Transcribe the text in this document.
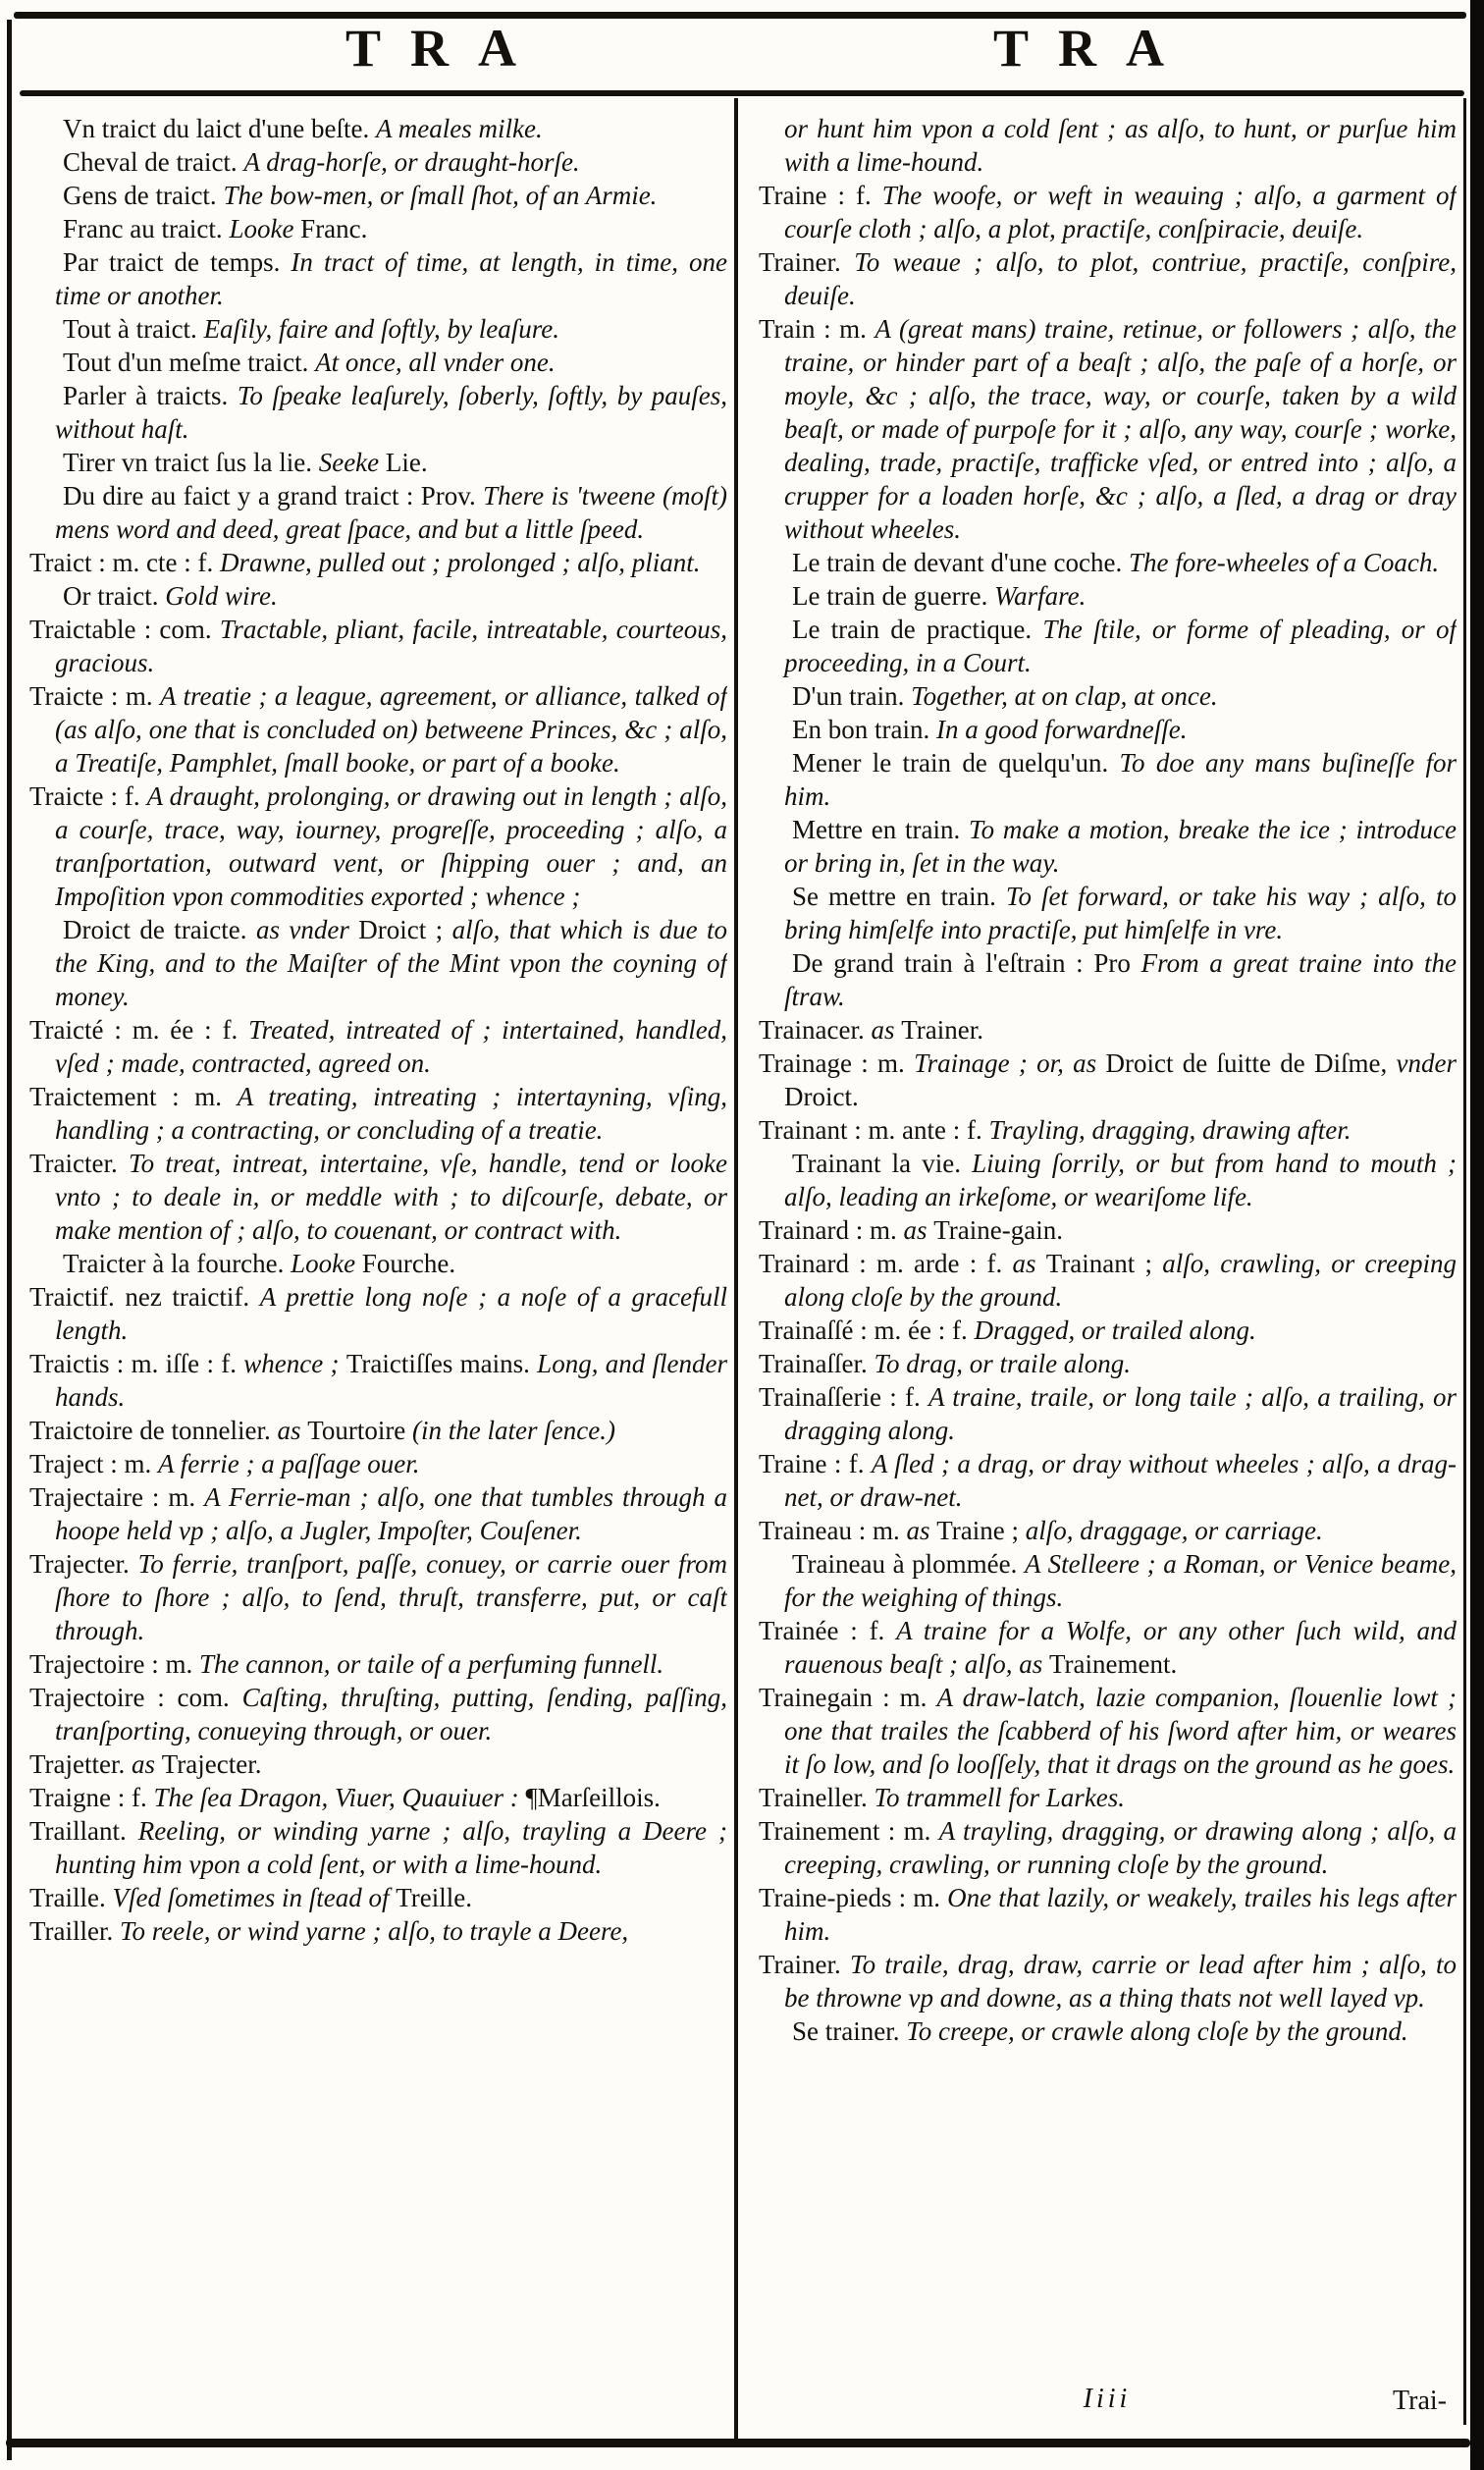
TRA	TRA

Vn traict du laict d'une beſte. A meales milke.

Cheval de traict. A drag-horſe, or draught-horſe.

Gens de traict. The bow-men, or ſmall ſhot, of an Armie.

Franc au traict. Looke Franc.

Par traict de temps. In tract of time, at length, in time, one time or another.

Tout à traict. Eaſily, faire and ſoftly, by leaſure.

Tout d'un meſme traict. At once, all vnder one.

Parler à traicts. To ſpeake leaſurely, ſoberly, ſoftly, by pauſes, without haſt.

Tirer vn traict ſus la lie. Seeke Lie.

Du dire au faict y a grand traict : Prov. There is 'tweene (moſt) mens word and deed, great ſpace, and but a little ſpeed.

Traict : m. cte : f. Drawne, pulled out ; prolonged ; alſo, pliant.

Or traict. Gold wire.

Traictable : com. Tractable, pliant, facile, intreatable, courteous, gracious.

Traicte : m. A treatie ; a league, agreement, or alliance, talked of (as alſo, one that is concluded on) betweene Princes, &c ; alſo, a Treatiſe, Pamphlet, ſmall booke, or part of a booke.

Traicte : f. A draught, prolonging, or drawing out in length ; alſo, a courſe, trace, way, iourney, progreſſe, proceeding ; alſo, a tranſportation, outward vent, or ſhipping ouer ; and, an Impoſition vpon commodities exported ; whence ;

Droict de traicte. as vnder Droict ; alſo, that which is due to the King, and to the Maiſter of the Mint vpon the coyning of money.

Traicté : m. ée : f. Treated, intreated of ; intertained, handled, vſed ; made, contracted, agreed on.

Traictement : m. A treating, intreating ; intertayning, vſing, handling ; a contracting, or concluding of a treatie.

Traicter. To treat, intreat, intertaine, vſe, handle, tend or looke vnto ; to deale in, or meddle with ; to diſcourſe, debate, or make mention of ; alſo, to couenant, or contract with.

Traicter à la fourche. Looke Fourche.

Traictif. nez traictif. A prettie long noſe ; a noſe of a gracefull length.

Traictis : m. iſſe : f. whence ; Traictiſſes mains. Long, and ſlender hands.

Traictoire de tonnelier. as Tourtoire (in the later ſence.)

Traject : m. A ferrie ; a paſſage ouer.

Trajectaire : m. A Ferrie-man ; alſo, one that tumbles through a hoope held vp ; alſo, a Jugler, Impoſter, Couſener.

Trajecter. To ferrie, tranſport, paſſe, conuey, or carrie ouer from ſhore to ſhore ; alſo, to ſend, thruſt, transferre, put, or caſt through.

Trajectoire : m. The cannon, or taile of a perfuming funnell.

Trajectoire : com. Caſting, thruſting, putting, ſending, paſſing, tranſporting, conueying through, or ouer.

Trajetter. as Trajecter.

Traigne : f. The ſea Dragon, Viuer, Quauiuer : ¶Marſeillois.

Traillant. Reeling, or winding yarne ; alſo, trayling a Deere ; hunting him vpon a cold ſent, or with a lime-hound.

Traille. Vſed ſometimes in ſtead of Treille.

Trailler. To reele, or wind yarne ; alſo, to trayle a Deere,

or hunt him vpon a cold ſent ; as alſo, to hunt, or purſue him with a lime-hound.

Traine : f. The woofe, or weft in weauing ; alſo, a garment of courſe cloth ; alſo, a plot, practiſe, conſpiracie, deuiſe.

Trainer. To weaue ; alſo, to plot, contriue, practiſe, conſpire, deuiſe.

Train : m. A (great mans) traine, retinue, or followers ; alſo, the traine, or hinder part of a beaſt ; alſo, the paſe of a horſe, or moyle, &c ; alſo, the trace, way, or courſe, taken by a wild beaſt, or made of purpoſe for it ; alſo, any way, courſe ; worke, dealing, trade, practiſe, trafficke vſed, or entred into ; alſo, a crupper for a loaden horſe, &c ; alſo, a ſled, a drag or dray without wheeles.

Le train de devant d'une coche. The fore-wheeles of a Coach.

Le train de guerre. Warfare.

Le train de practique. The ſtile, or forme of pleading, or of proceeding, in a Court.

D'un train. Together, at on clap, at once.

En bon train. In a good forwardneſſe.

Mener le train de quelqu'un. To doe any mans buſineſſe for him.

Mettre en train. To make a motion, breake the ice ; introduce or bring in, ſet in the way.

Se mettre en train. To ſet forward, or take his way ; alſo, to bring himſelfe into practiſe, put himſelfe in vre.

De grand train à l'eſtrain : Pro From a great traine into the ſtraw.

Trainacer. as Trainer.

Trainage : m. Trainage ; or, as Droict de ſuitte de Diſme, vnder Droict.

Trainant : m. ante : f. Trayling, dragging, drawing after.

Trainant la vie. Liuing ſorrily, or but from hand to mouth ; alſo, leading an irkeſome, or weariſome life.

Trainard : m. as Traine-gain.

Trainard : m. arde : f. as Trainant ; alſo, crawling, or creeping along cloſe by the ground.

Trainaſſé : m. ée : f. Dragged, or trailed along.

Trainaſſer. To drag, or traile along.

Trainaſſerie : f. A traine, traile, or long taile ; alſo, a trailing, or dragging along.

Traine : f. A ſled ; a drag, or dray without wheeles ; alſo, a drag-net, or draw-net.

Traineau : m. as Traine ; alſo, draggage, or carriage.

Traineau à plommée. A Stelleere ; a Roman, or Venice beame, for the weighing of things.

Trainée : f. A traine for a Wolfe, or any other ſuch wild, and rauenous beaſt ; alſo, as Trainement.

Trainegain : m. A draw-latch, lazie companion, ſlouenlie lowt ; one that trailes the ſcabberd of his ſword after him, or weares it ſo low, and ſo looſſely, that it drags on the ground as he goes.

Traineller. To trammell for Larkes.

Trainement : m. A trayling, dragging, or drawing along ; alſo, a creeping, crawling, or running cloſe by the ground.

Traine-pieds : m. One that lazily, or weakely, trailes his legs after him.

Trainer. To traile, drag, draw, carrie or lead after him ; alſo, to be throwne vp and downe, as a thing thats not well layed vp.

Se trainer. To creepe, or crawle along cloſe by the ground.

Iiii	Trai-
